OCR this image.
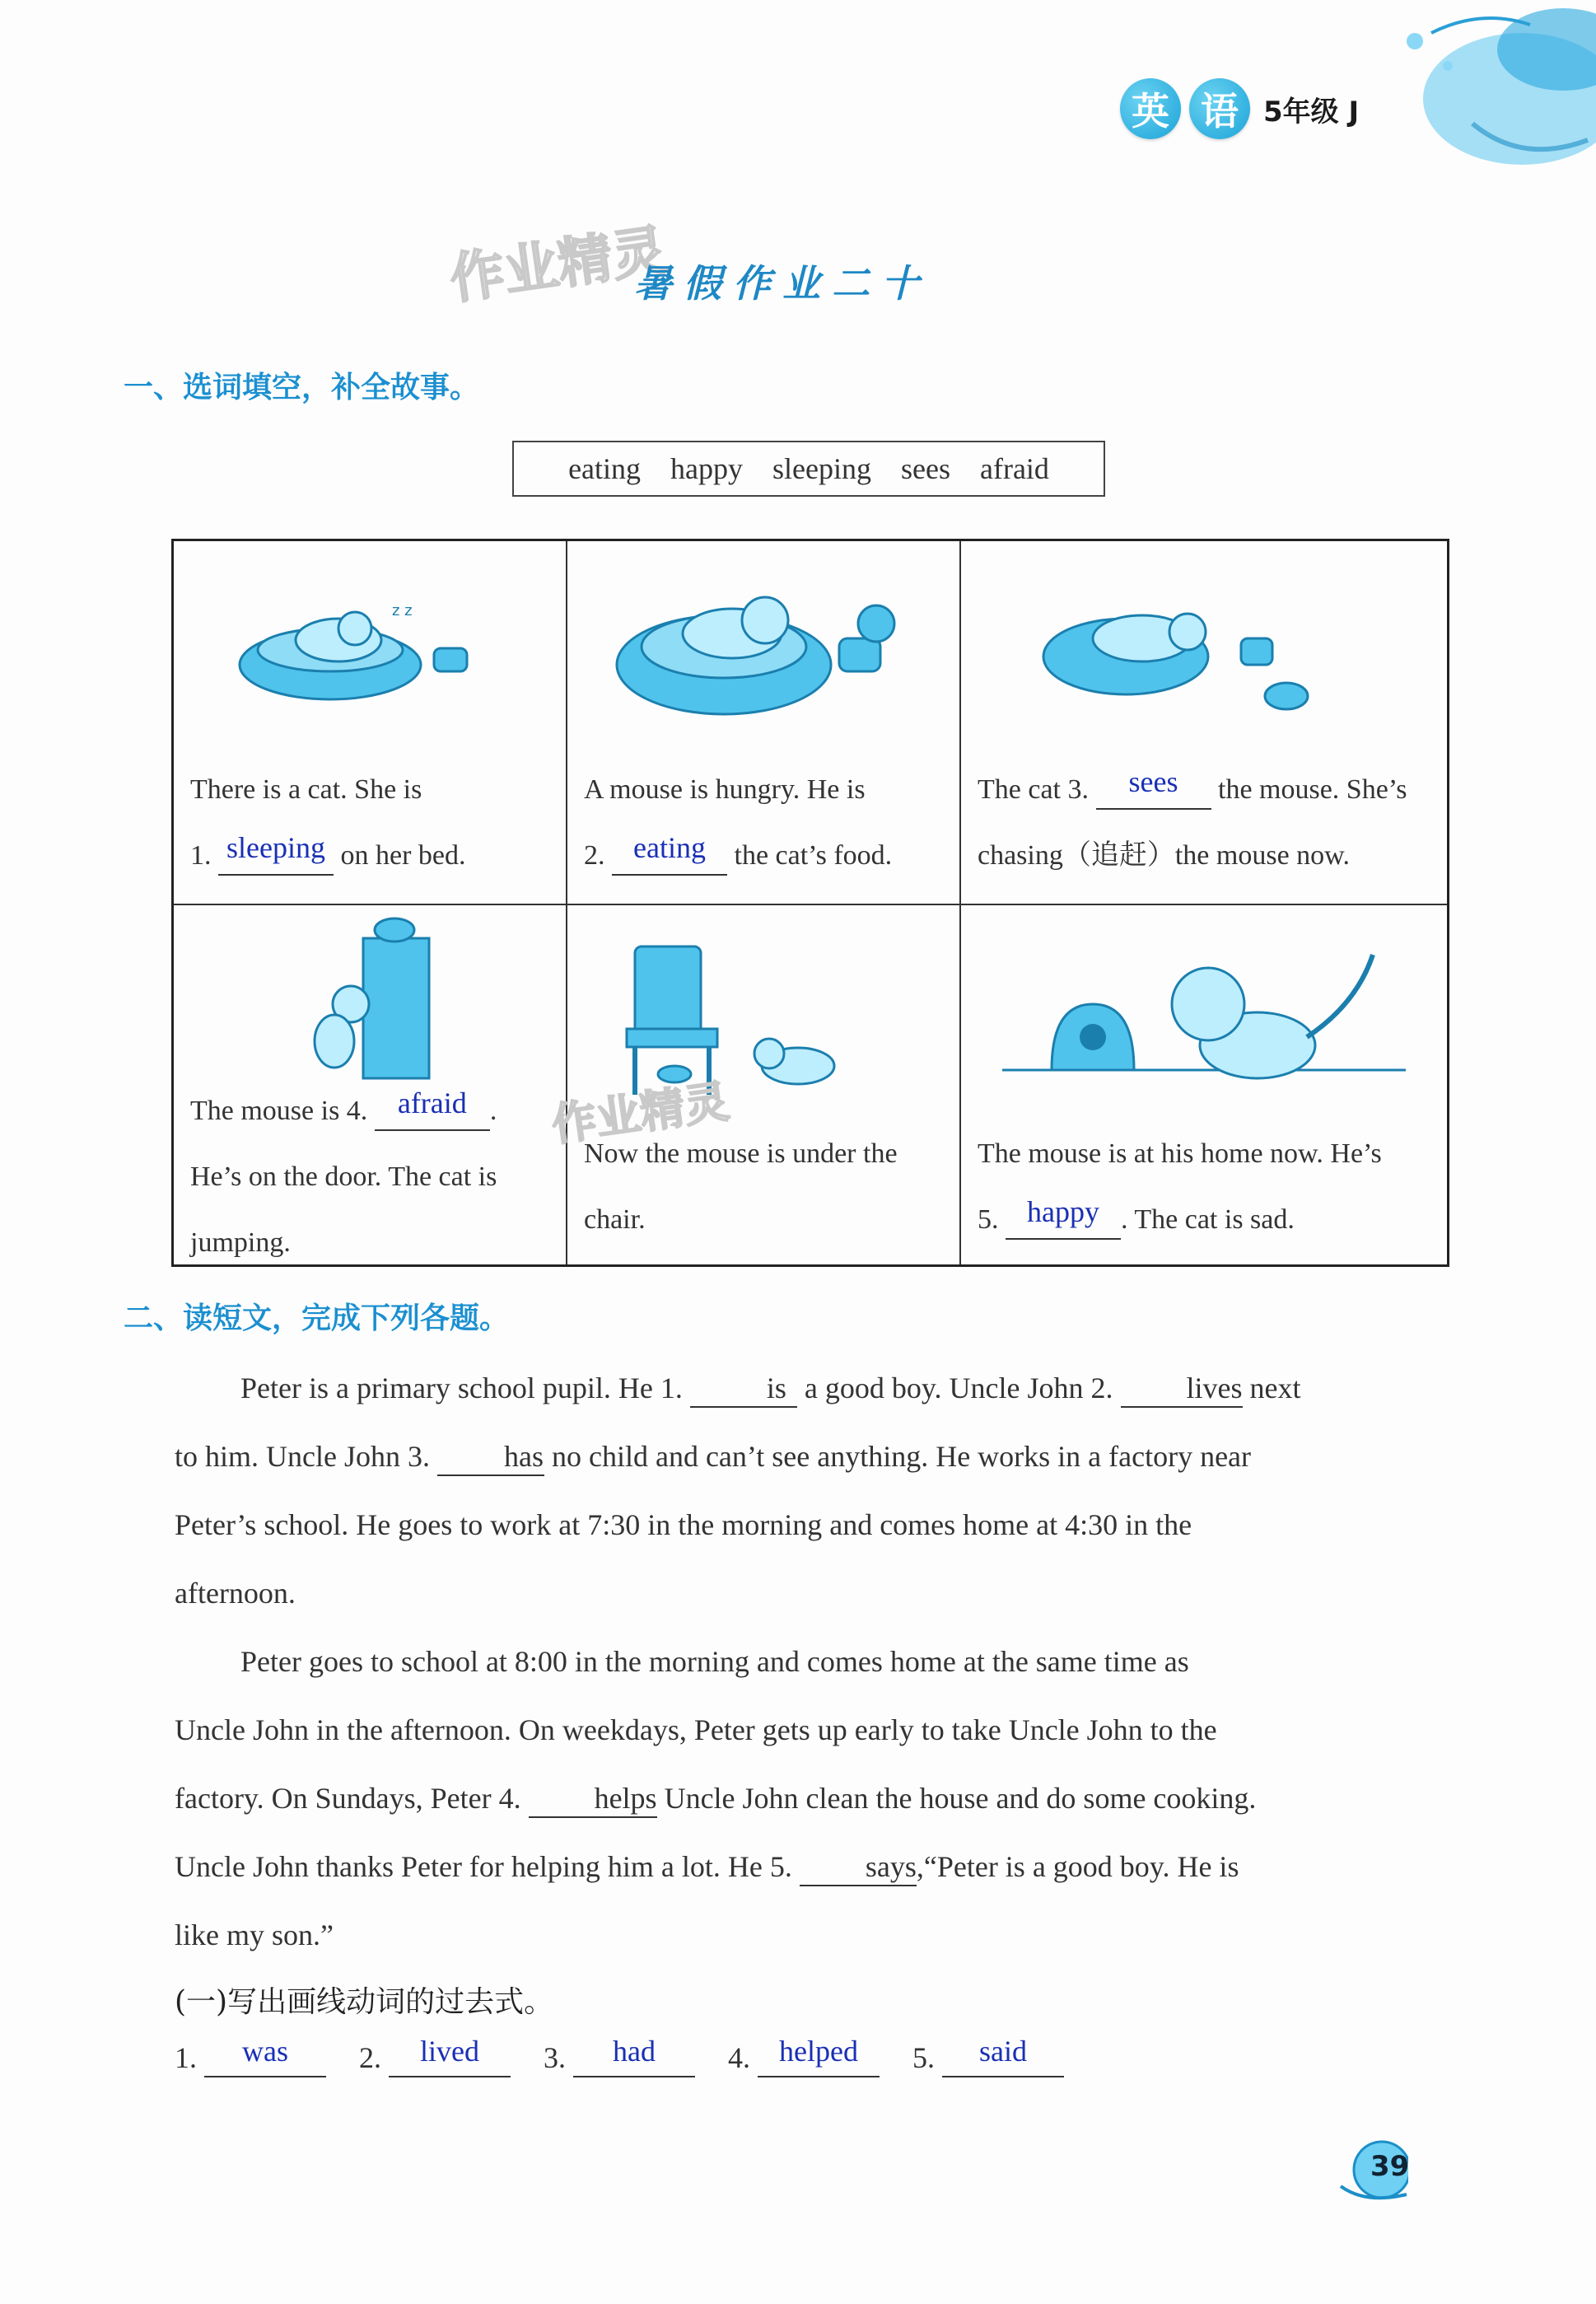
英 语 5年级 J
作业精灵
暑假作业二十
一、选词填空，补全故事。
eating happy sleeping sees afraid
z z
There is a cat. She is
1. sleeping on her bed.
A mouse is hungry. He is
2. eating the cat’s food.
The cat 3. sees the mouse. She’s
chasing（追赶）the mouse now.
The mouse is 4. afraid .
He’s on the door. The cat is
jumping.
Now the mouse is under the
chair.
作业精灵
The mouse is at his home now. He’s
5. happy . The cat is sad.
二、读短文，完成下列各题。
Peter is a primary school pupil. He 1.	is a good boy. Uncle John 2. lives next
to him. Uncle John 3.	has no child and can’t see anything. He works in a factory near
Peter’s school. He goes to work at 7:30 in the morning and comes home at 4:30 in the
afternoon.
Peter goes to school at 8:00 in the morning and comes home at the same time as
Uncle John in the afternoon. On weekdays, Peter gets up early to take Uncle John to the
factory. On Sundays, Peter 4. helps Uncle John clean the house and do some cooking.
Uncle John thanks Peter for helping him a lot. He 5. says,“Peter is a good boy. He is
like my son.”
(一)写出画线动词的过去式。
1. was	2. lived	3. had	4. helped	5. said
39
